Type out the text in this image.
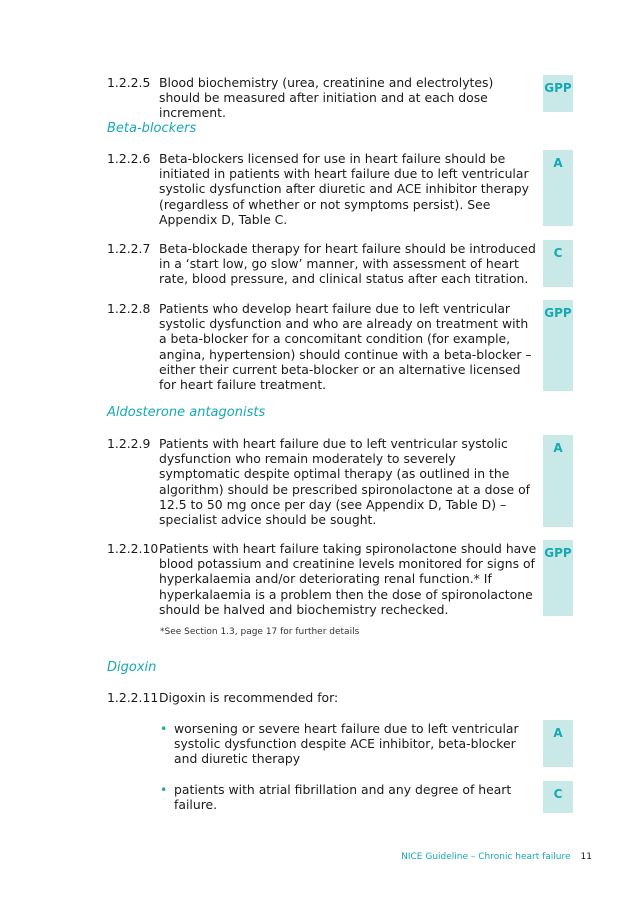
1.2.2.5 Blood biochemistry (urea, creatinine and electrolytes) should be measured after initiation and at each dose increment.
GPP
Beta-blockers
1.2.2.6 Beta-blockers licensed for use in heart failure should be initiated in patients with heart failure due to left ventricular systolic dysfunction after diuretic and ACE inhibitor therapy (regardless of whether or not symptoms persist). See Appendix D, Table C.
A
1.2.2.7 Beta-blockade therapy for heart failure should be introduced in a ‘start low, go slow’ manner, with assessment of heart rate, blood pressure, and clinical status after each titration.
C
1.2.2.8 Patients who develop heart failure due to left ventricular systolic dysfunction and who are already on treatment with a beta-blocker for a concomitant condition (for example, angina, hypertension) should continue with a beta-blocker – either their current beta-blocker or an alternative licensed for heart failure treatment.
GPP
Aldosterone antagonists
1.2.2.9 Patients with heart failure due to left ventricular systolic dysfunction who remain moderately to severely symptomatic despite optimal therapy (as outlined in the algorithm) should be prescribed spironolactone at a dose of 12.5 to 50 mg once per day (see Appendix D, Table D) – specialist advice should be sought.
A
1.2.2.10 Patients with heart failure taking spironolactone should have blood potassium and creatinine levels monitored for signs of hyperkalaemia and/or deteriorating renal function.* If hyperkalaemia is a problem then the dose of spironolactone should be halved and biochemistry rechecked.
GPP
*See Section 1.3, page 17 for further details
Digoxin
1.2.2.11 Digoxin is recommended for:
• worsening or severe heart failure due to left ventricular systolic dysfunction despite ACE inhibitor, beta-blocker and diuretic therapy
A
• patients with atrial fibrillation and any degree of heart failure.
C
NICE Guideline – Chronic heart failure 11
